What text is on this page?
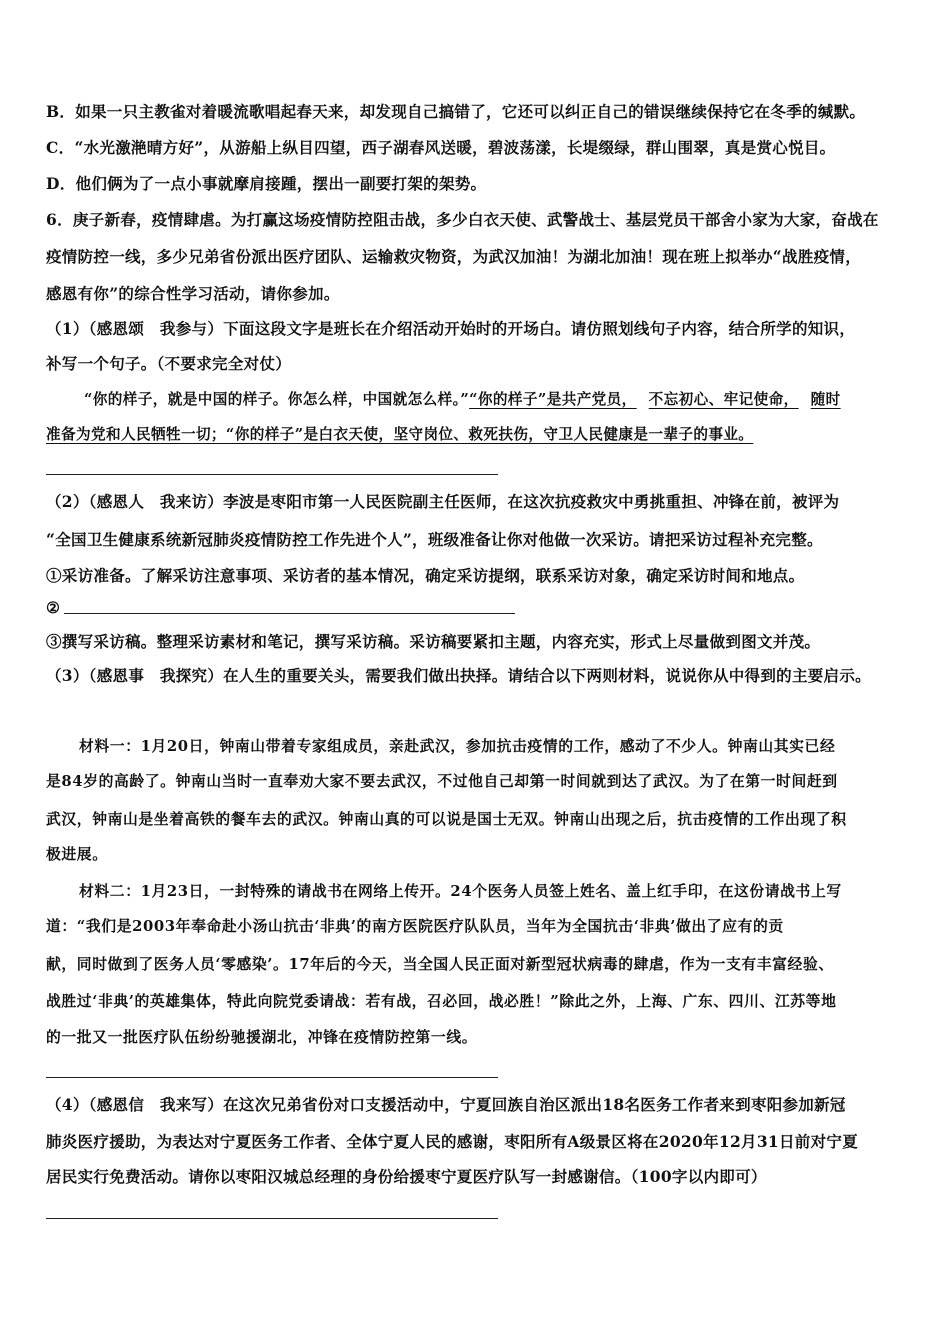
B．如果一只主教雀对着暖流歌唱起春天来，却发现自己搞错了，它还可以纠正自己的错误继续保持它在冬季的缄默。
C．“水光激滟晴方好”，从游船上纵目四望，西子湖春风送暖，碧波荡漾，长堤缀绿，群山围翠，真是赏心悦目。
D．他们俩为了一点小事就摩肩接踵，摆出一副要打架的架势。
6．庚子新春，疫情肆虐。为打赢这场疫情防控阻击战，多少白衣天使、武警战士、基层党员干部舍小家为大家，奋战在
疫情防控一线，多少兄弟省份派出医疗团队、运输救灾物资，为武汉加油！为湖北加油！现在班上拟举办“战胜疫情，
感恩有你”的综合性学习活动，请你参加。
（1）（感恩颂　我参与）下面这段文字是班长在介绍活动开始时的开场白。请仿照划线句子内容，结合所学的知识，
补写一个句子。（不要求完全对仗）
“你的样子，就是中国的样子。你怎么样，中国就怎么样。”“你的样子”是共产党员， 不忘初心、牢记使命， 随时
准备为党和人民牺牲一切；“你的样子”是白衣天使，坚守岗位、救死扶伤，守卫人民健康是一辈子的事业。
（2）（感恩人　我来访）李波是枣阳市第一人民医院副主任医师，在这次抗疫救灾中勇挑重担、冲锋在前，被评为
“全国卫生健康系统新冠肺炎疫情防控工作先进个人”，班级准备让你对他做一次采访。请把采访过程补充完整。
①采访准备。了解采访注意事项、采访者的基本情况，确定采访提纲，联系采访对象，确定采访时间和地点。
②
③撰写采访稿。整理采访素材和笔记，撰写采访稿。采访稿要紧扣主题，内容充实，形式上尽量做到图文并茂。
（3）（感恩事　我探究）在人生的重要关头，需要我们做出抉择。请结合以下两则材料，说说你从中得到的主要启示。
材料一：1月20日，钟南山带着专家组成员，亲赴武汉，参加抗击疫情的工作，感动了不少人。钟南山其实已经
是84岁的高龄了。钟南山当时一直奉劝大家不要去武汉，不过他自己却第一时间就到达了武汉。为了在第一时间赶到
武汉，钟南山是坐着高铁的餐车去的武汉。钟南山真的可以说是国士无双。钟南山出现之后，抗击疫情的工作出现了积
极进展。
材料二：1月23日，一封特殊的请战书在网络上传开。24个医务人员签上姓名、盖上红手印，在这份请战书上写
道：“我们是2003年奉命赴小汤山抗击‘非典’的南方医院医疗队队员，当年为全国抗击‘非典’做出了应有的贡
献，同时做到了医务人员‘零感染’。17年后的今天，当全国人民正面对新型冠状病毒的肆虐，作为一支有丰富经验、
战胜过‘非典’的英雄集体，特此向院党委请战：若有战，召必回，战必胜！”除此之外，上海、广东、四川、江苏等地
的一批又一批医疗队伍纷纷驰援湖北，冲锋在疫情防控第一线。
（4）（感恩信　我来写）在这次兄弟省份对口支援活动中，宁夏回族自治区派出18名医务工作者来到枣阳参加新冠
肺炎医疗援助，为表达对宁夏医务工作者、全体宁夏人民的感谢，枣阳所有A级景区将在2020年12月31日前对宁夏
居民实行免费活动。请你以枣阳汉城总经理的身份给援枣宁夏医疗队写一封感谢信。（100字以内即可）
